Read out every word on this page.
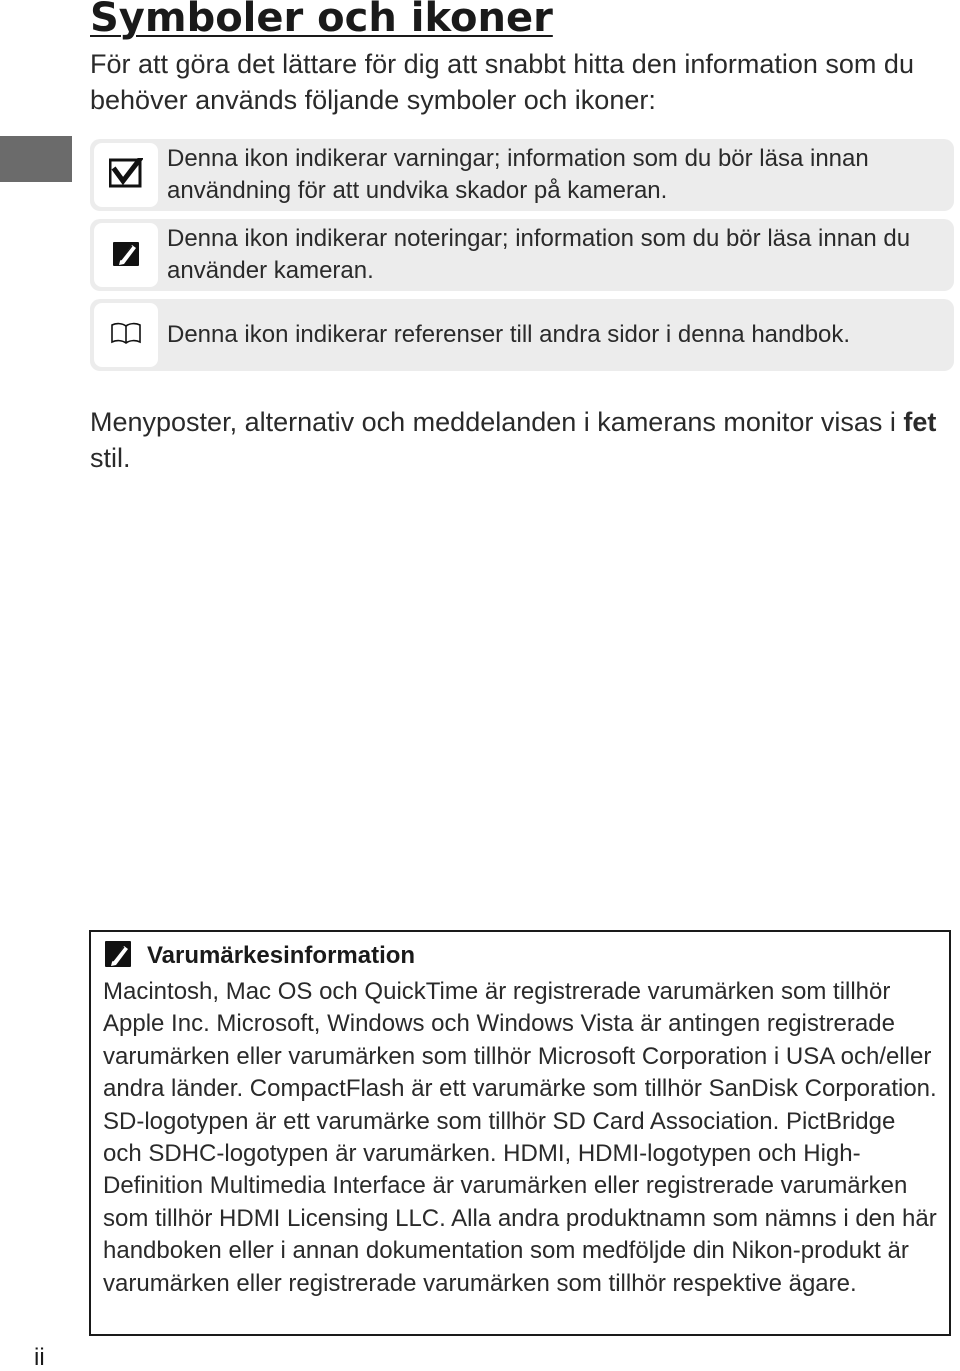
Symboler och ikoner
För att göra det lättare för dig att snabbt hitta den information som du behöver används följande symboler och ikoner:
Denna ikon indikerar varningar; information som du bör läsa innan användning för att undvika skador på kameran.
Denna ikon indikerar noteringar; information som du bör läsa innan du använder kameran.
Denna ikon indikerar referenser till andra sidor i denna handbok.
Menyposter, alternativ och meddelanden i kamerans monitor visas i fet stil.
Varumärkesinformation
Macintosh, Mac OS och QuickTime är registrerade varumärken som tillhör Apple Inc. Microsoft, Windows och Windows Vista är antingen registrerade varumärken eller varumärken som tillhör Microsoft Corporation i USA och/eller andra länder. CompactFlash är ett varumärke som tillhör SanDisk Corporation. SD-logotypen är ett varumärke som tillhör SD Card Association. PictBridge och SDHC-logotypen är varumärken. HDMI, HDMI-logotypen och High-Definition Multimedia Interface är varumärken eller registrerade varumärken som tillhör HDMI Licensing LLC. Alla andra produktnamn som nämns i den här handboken eller i annan dokumentation som medföljde din Nikon-produkt är varumärken eller registrerade varumärken som tillhör respektive ägare.
ii
